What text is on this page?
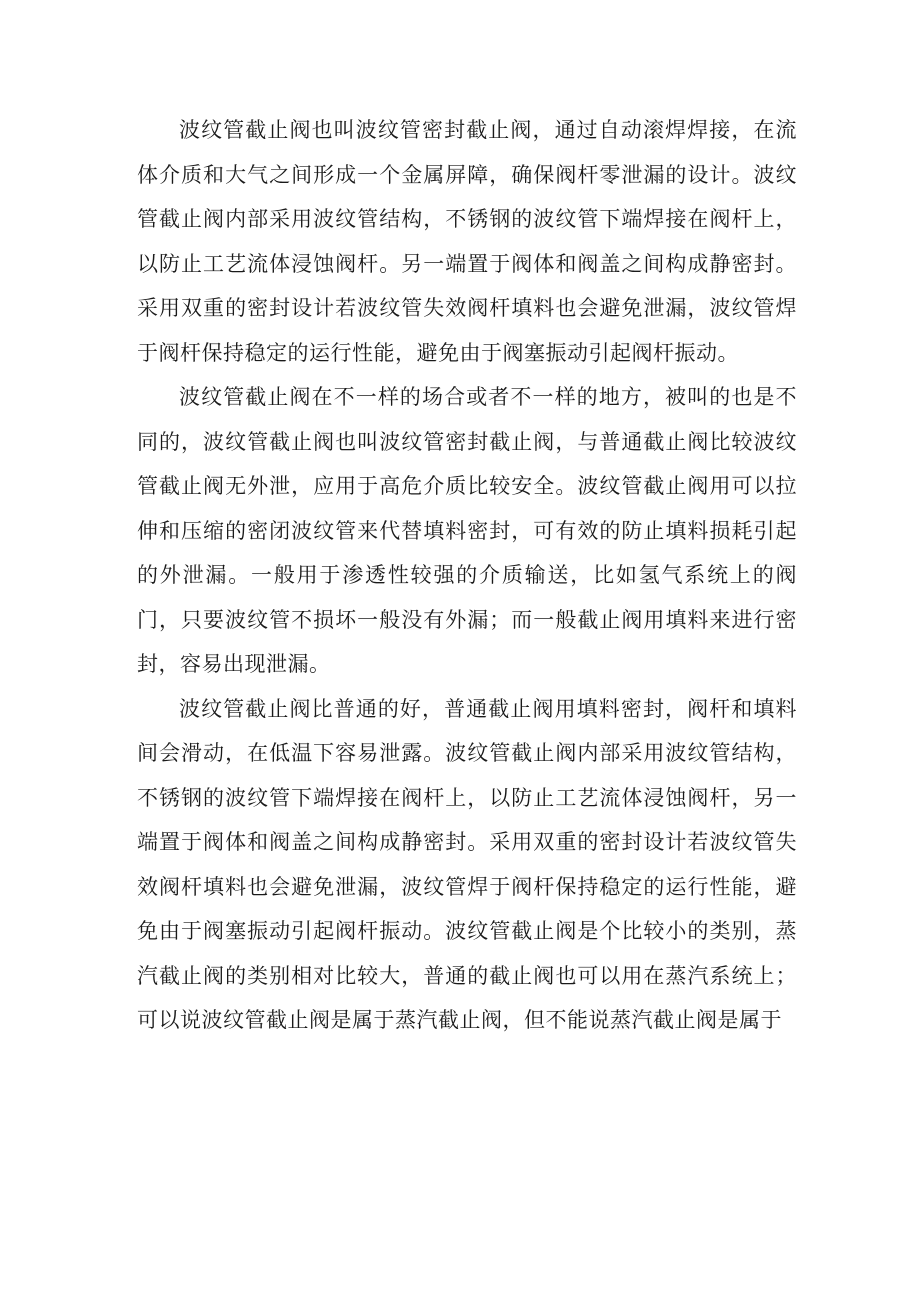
波纹管截止阀也叫波纹管密封截止阀，通过自动滚焊焊接，在流体介质和大气之间形成一个金属屏障，确保阀杆零泄漏的设计。波纹管截止阀内部采用波纹管结构，不锈钢的波纹管下端焊接在阀杆上，以防止工艺流体浸蚀阀杆。另一端置于阀体和阀盖之间构成静密封。采用双重的密封设计若波纹管失效阀杆填料也会避免泄漏，波纹管焊于阀杆保持稳定的运行性能，避免由于阀塞振动引起阀杆振动。

波纹管截止阀在不一样的场合或者不一样的地方，被叫的也是不同的，波纹管截止阀也叫波纹管密封截止阀，与普通截止阀比较波纹管截止阀无外泄，应用于高危介质比较安全。波纹管截止阀用可以拉伸和压缩的密闭波纹管来代替填料密封，可有效的防止填料损耗引起的外泄漏。一般用于渗透性较强的介质输送，比如氢气系统上的阀门，只要波纹管不损坏一般没有外漏；而一般截止阀用填料来进行密封，容易出现泄漏。

波纹管截止阀比普通的好，普通截止阀用填料密封，阀杆和填料间会滑动，在低温下容易泄露。波纹管截止阀内部采用波纹管结构，不锈钢的波纹管下端焊接在阀杆上，以防止工艺流体浸蚀阀杆，另一端置于阀体和阀盖之间构成静密封。采用双重的密封设计若波纹管失效阀杆填料也会避免泄漏，波纹管焊于阀杆保持稳定的运行性能，避免由于阀塞振动引起阀杆振动。波纹管截止阀是个比较小的类别，蒸汽截止阀的类别相对比较大，普通的截止阀也可以用在蒸汽系统上；可以说波纹管截止阀是属于蒸汽截止阀，但不能说蒸汽截止阀是属于
